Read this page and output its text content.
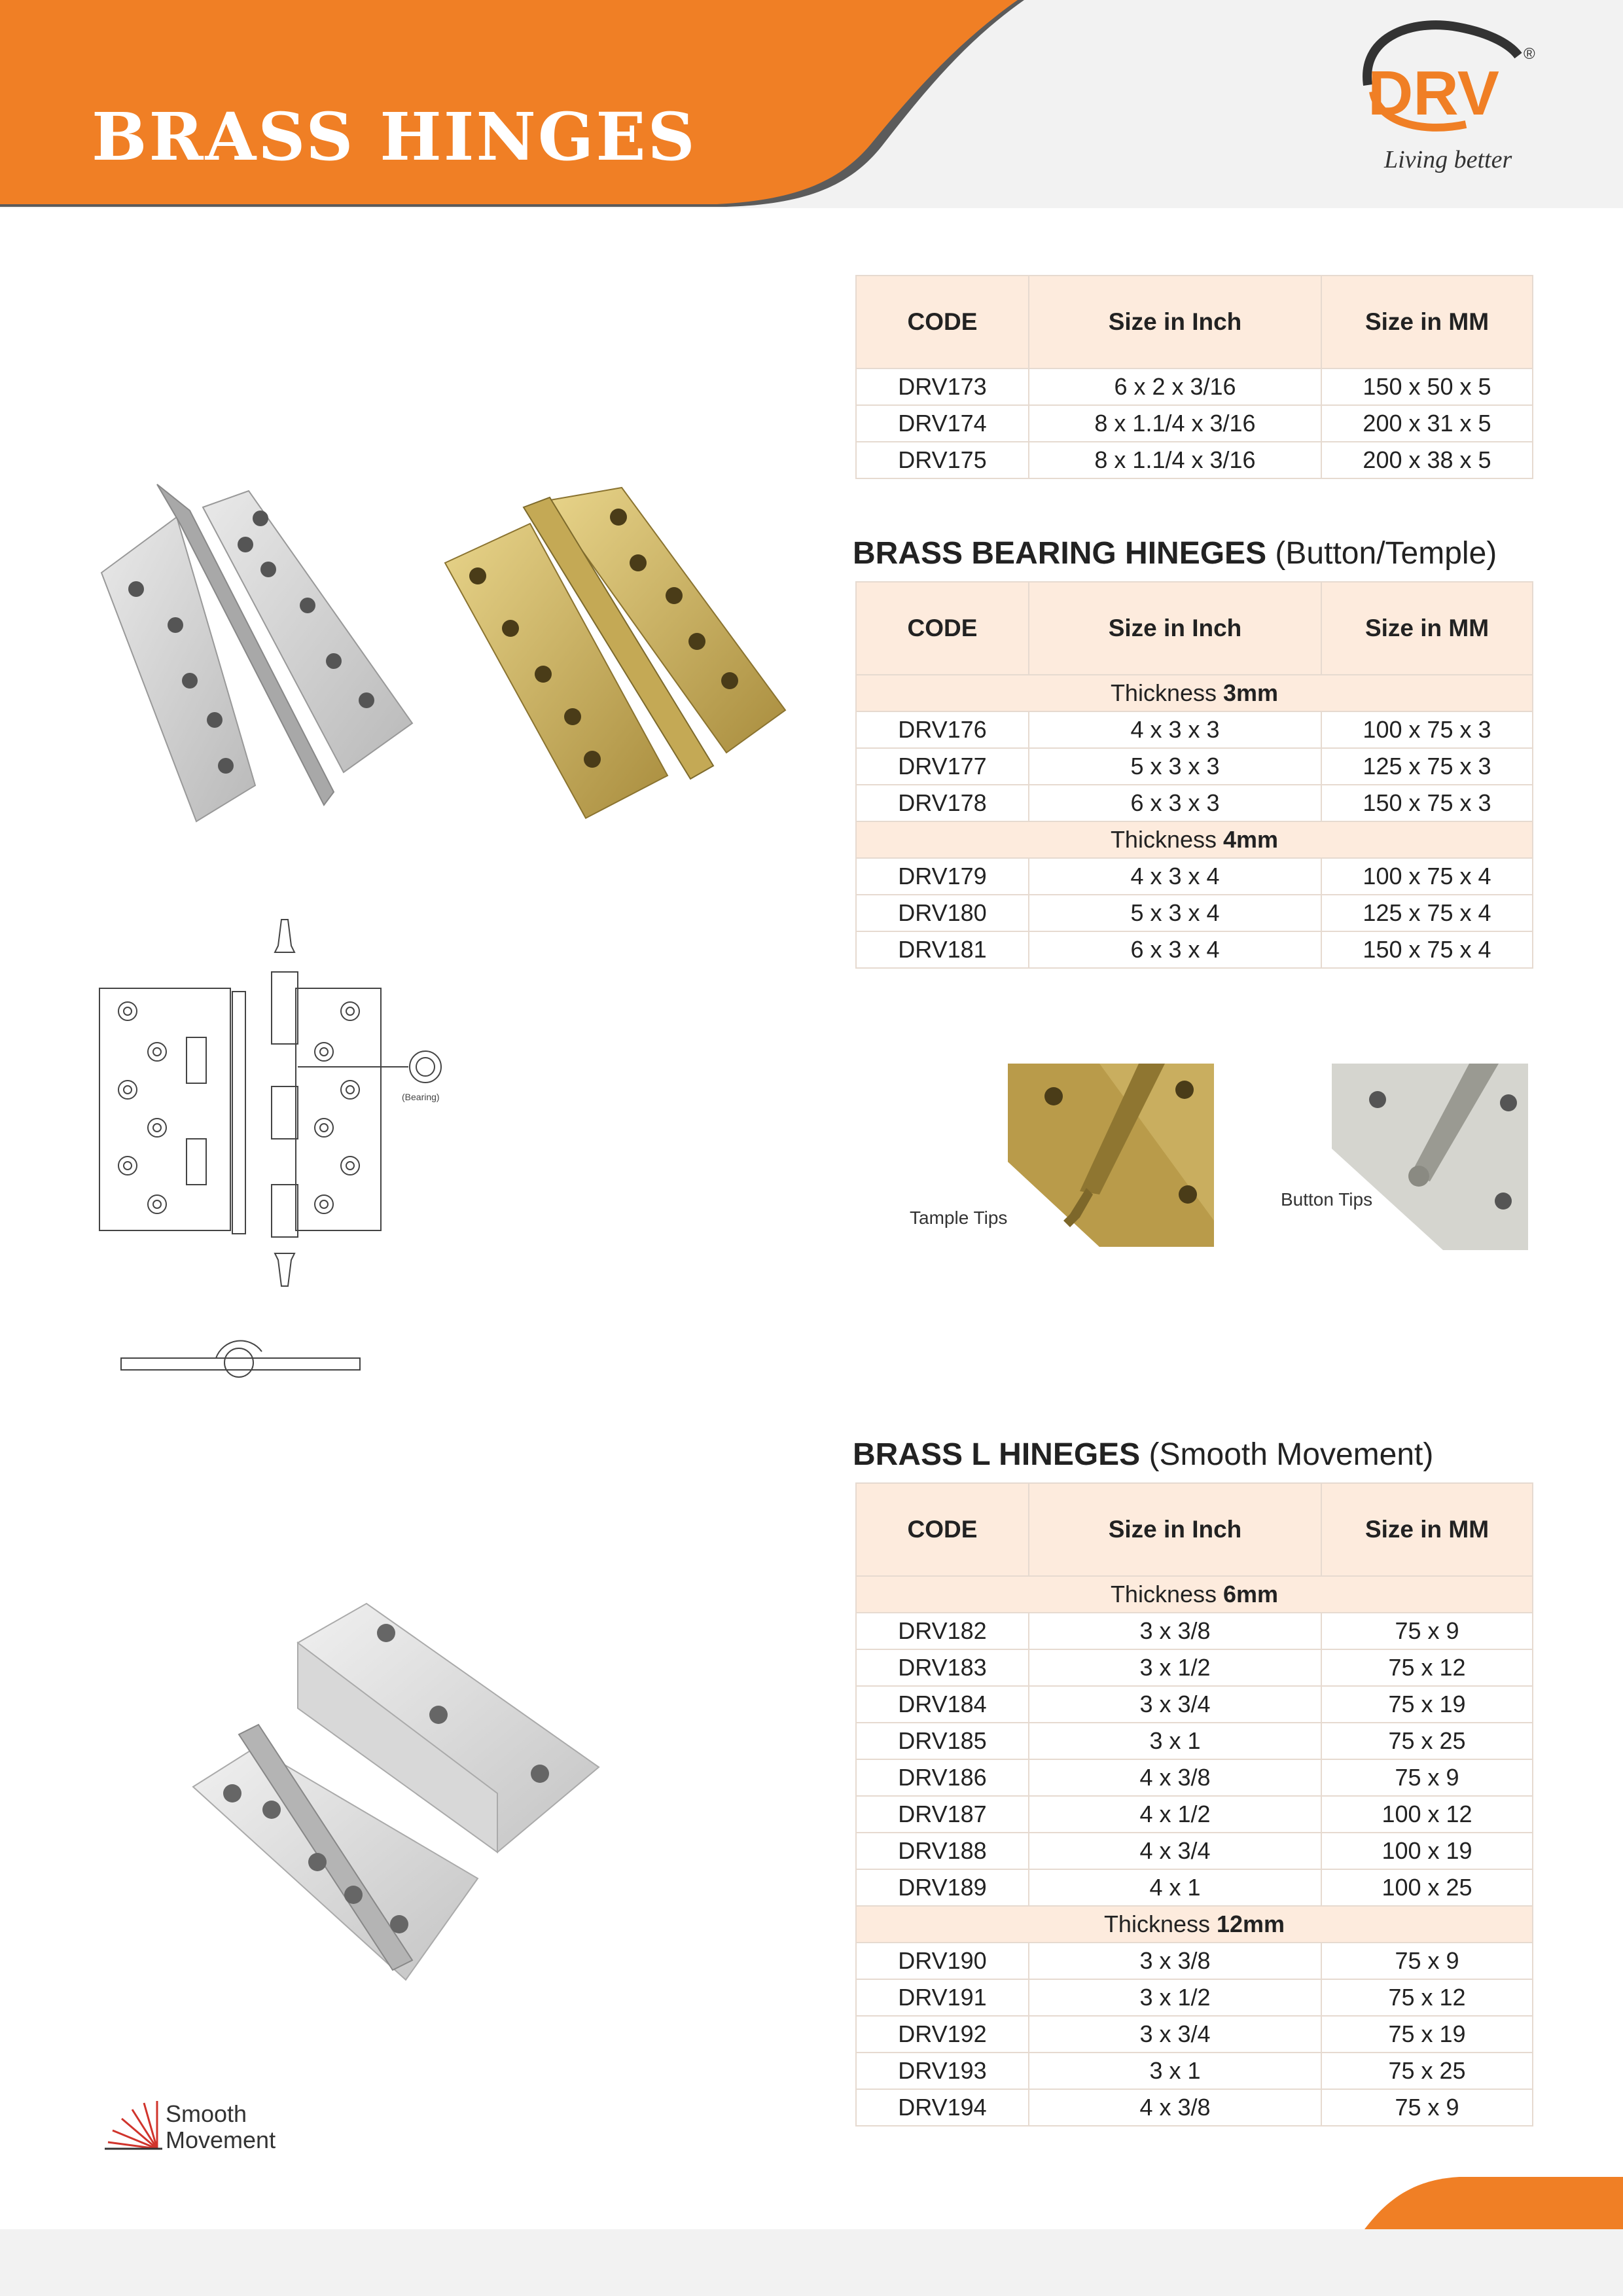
BRASS HINGES
DRV
®
Living better
CODE	Size in Inch	Size in MM
DRV173	6 x 2 x 3/16	150 x 50 x 5
DRV174	8 x 1.1/4 x 3/16	200 x 31 x 5
DRV175	8 x 1.1/4 x 3/16	200 x 38 x 5
BRASS BEARING HINEGES (Button/Temple)
CODE	Size in Inch	Size in MM
Thickness 3mm		
DRV176	4 x 3 x 3	100 x 75 x 3
DRV177	5 x 3 x 3	125 x 75 x 3
DRV178	6 x 3 x 3	150 x 75 x 3
Thickness 4mm		
DRV179	4 x 3 x 4	100 x 75 x 4
DRV180	5 x 3 x 4	125 x 75 x 4
DRV181	6 x 3 x 4	150 x 75 x 4
BRASS L HINEGES (Smooth Movement)
CODE	Size in Inch	Size in MM
Thickness 6mm		
DRV182	3 x 3/8	75 x 9
DRV183	3 x 1/2	75 x 12
DRV184	3 x 3/4	75 x 19
DRV185	3 x 1	75 x 25
DRV186	4 x 3/8	75 x 9
DRV187	4 x 1/2	100 x 12
DRV188	4 x 3/4	100 x 19
DRV189	4 x 1	100 x 25
Thickness 12mm		
DRV190	3 x 3/8	75 x 9
DRV191	3 x 1/2	75 x 12
DRV192	3 x 3/4	75 x 19
DRV193	3 x 1	75 x 25
DRV194	4 x 3/8	75 x 9
(Bearing)
Tample Tips
Button Tips
Smooth
Movement
